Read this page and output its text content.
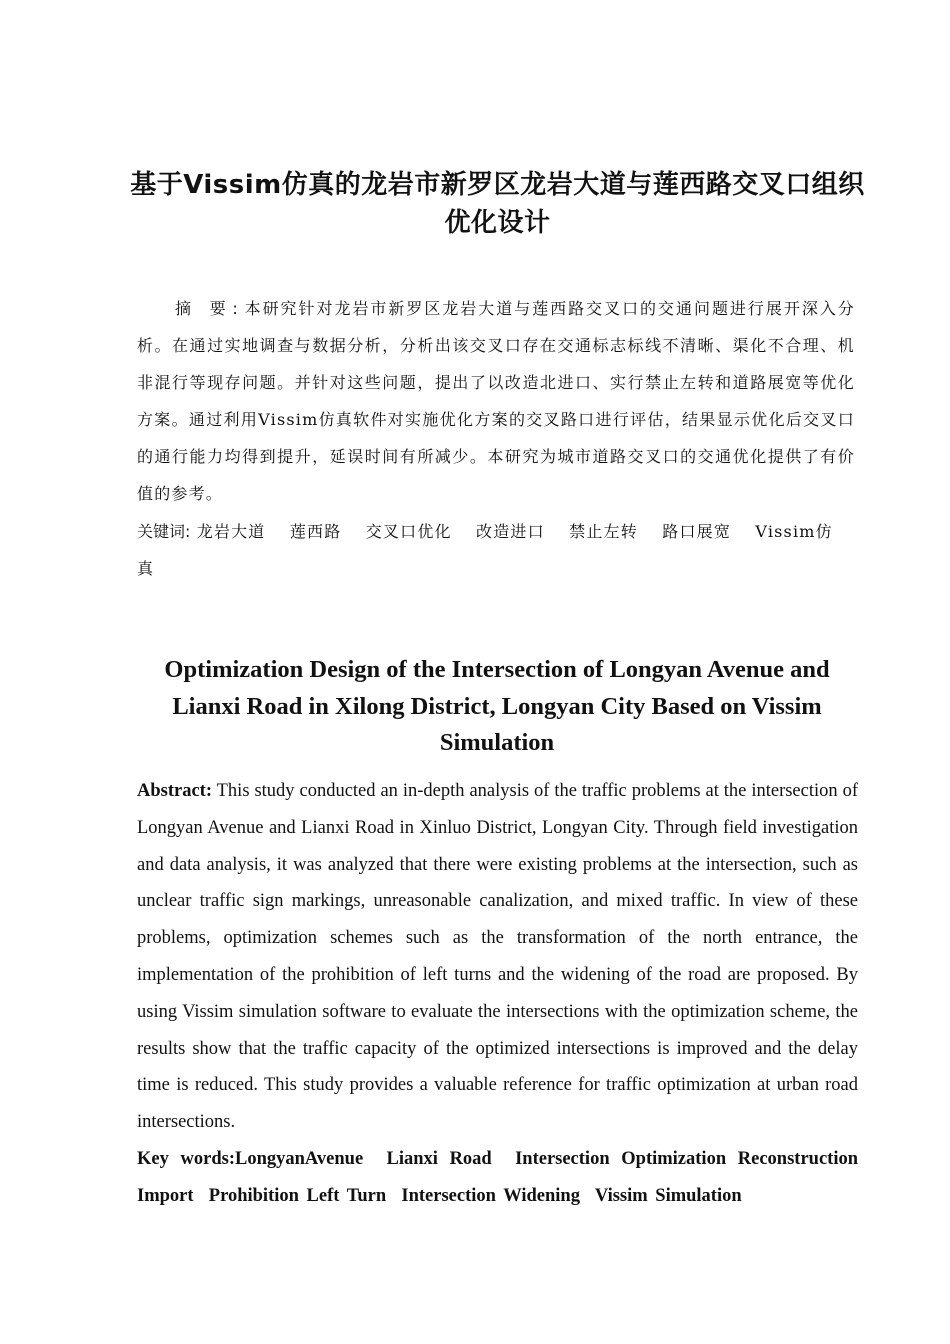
基于Vissim仿真的龙岩市新罗区龙岩大道与莲西路交叉口组织优化设计
摘 要:本研究针对龙岩市新罗区龙岩大道与莲西路交叉口的交通问题进行展开深入分析。在通过实地调查与数据分析，分析出该交叉口存在交通标志标线不清晰、渠化不合理、机非混行等现存问题。并针对这些问题，提出了以改造北进口、实行禁止左转和道路展宽等优化方案。通过利用Vissim仿真软件对实施优化方案的交叉路口进行评估，结果显示优化后交叉口的通行能力均得到提升，延误时间有所减少。本研究为城市道路交叉口的交通优化提供了有价值的参考。
关键词: 龙岩大道 莲西路 交叉口优化 改造进口 禁止左转 路口展宽 Vissim仿真
Optimization Design of the Intersection of Longyan Avenue and Lianxi Road in Xilong District, Longyan City Based on Vissim Simulation
Abstract: This study conducted an in-depth analysis of the traffic problems at the intersection of Longyan Avenue and Lianxi Road in Xinluo District, Longyan City. Through field investigation and data analysis, it was analyzed that there were existing problems at the intersection, such as unclear traffic sign markings, unreasonable canalization, and mixed traffic. In view of these problems, optimization schemes such as the transformation of the north entrance, the implementation of the prohibition of left turns and the widening of the road are proposed. By using Vissim simulation software to evaluate the intersections with the optimization scheme, the results show that the traffic capacity of the optimized intersections is improved and the delay time is reduced. This study provides a valuable reference for traffic optimization at urban road intersections.
Key words:LongyanAvenue Lianxi Road Intersection Optimization Reconstruction Import Prohibition Left Turn Intersection Widening Vissim Simulation
